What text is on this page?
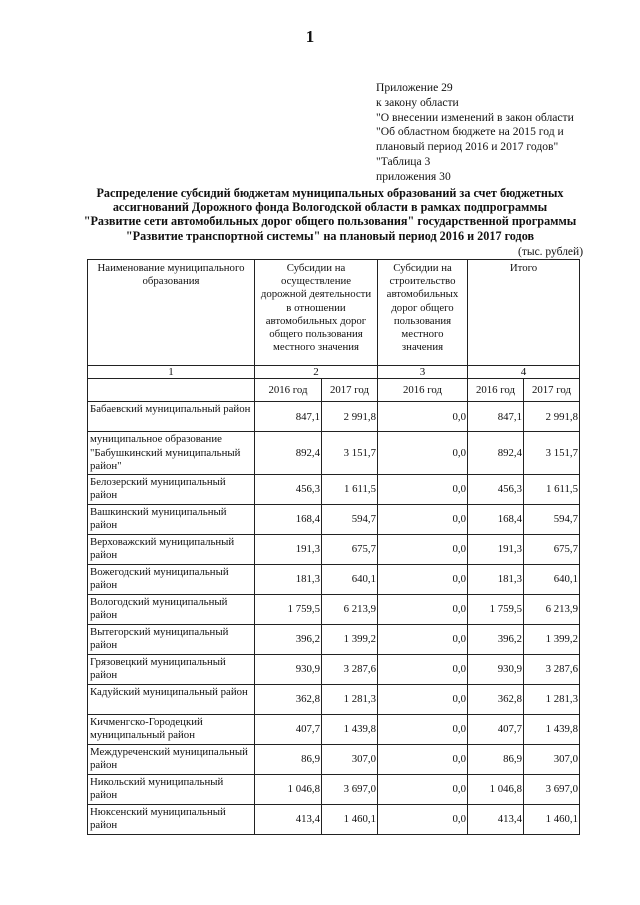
1
Приложение 29
к закону области
"О внесении изменений в закон области
"Об областном бюджете на 2015 год и
плановый период 2016 и 2017 годов"
"Таблица 3
приложения 30
Распределение субсидий бюджетам муниципальных образований за счет бюджетных
ассигнований Дорожного фонда Вологодской области в рамках подпрограммы
"Развитие сети автомобильных дорог общего пользования" государственной программы
"Развитие транспортной системы" на плановый период 2016 и 2017 годов
(тыс. рублей)
Наименование муниципального образования	Субсидии на осуществление дорожной деятельности в отношении автомобильных дорог общего пользования местного значения		Субсидии на строительство автомобильных дорог общего пользования местного значения	Итого	
1	2		3	4	
	2016 год	2017 год	2016 год	2016 год	2017 год
Бабаевский муниципальный район	847,1	2 991,8	0,0	847,1	2 991,8
муниципальное образование "Бабушкинский муниципальный район"	892,4	3 151,7	0,0	892,4	3 151,7
Белозерский муниципальный район	456,3	1 611,5	0,0	456,3	1 611,5
Вашкинский муниципальный район	168,4	594,7	0,0	168,4	594,7
Верховажский муниципальный район	191,3	675,7	0,0	191,3	675,7
Вожегодский муниципальный район	181,3	640,1	0,0	181,3	640,1
Вологодский муниципальный район	1 759,5	6 213,9	0,0	1 759,5	6 213,9
Вытегорский муниципальный район	396,2	1 399,2	0,0	396,2	1 399,2
Грязовецкий муниципальный район	930,9	3 287,6	0,0	930,9	3 287,6
Кадуйский муниципальный район	362,8	1 281,3	0,0	362,8	1 281,3
Кичменгско-Городецкий муниципальный район	407,7	1 439,8	0,0	407,7	1 439,8
Междуреченский муниципальный район	86,9	307,0	0,0	86,9	307,0
Никольский муниципальный район	1 046,8	3 697,0	0,0	1 046,8	3 697,0
Нюксенский муниципальный район	413,4	1 460,1	0,0	413,4	1 460,1
